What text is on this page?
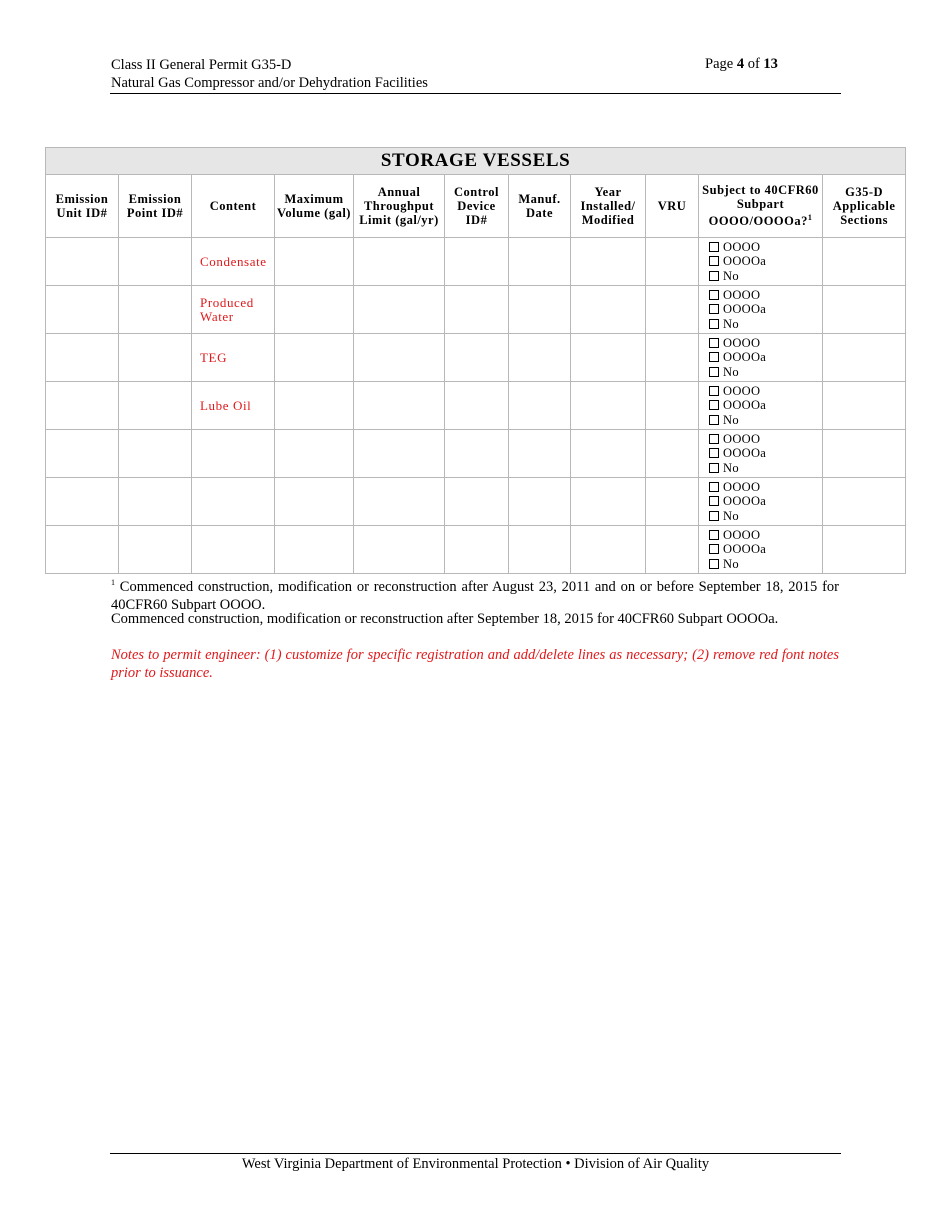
Class II General Permit G35-D
Natural Gas Compressor and/or Dehydration Facilities
Page 4 of 13
STORAGE VESSELS										
Emission Unit ID#	Emission Point ID#	Content	Maximum Volume (gal)	Annual Throughput Limit (gal/yr)	Control Device ID#	Manuf. Date	Year Installed/ Modified	VRU	Subject to 40CFR60 Subpart OOOO/OOOOa?$^1$	G35-D Applicable Sections
		Condensate							OOOO
OOOOa
No	

		Produced Water							OOOO
OOOOa
No	

		TEG							OOOO
OOOOa
No	

		Lube Oil							OOOO
OOOOa
No	

									OOOO
OOOOa
No	

									OOOO
OOOOa
No	

									OOOO
OOOOa
No	

$^1$ Commenced construction, modification or reconstruction after August 23, 2011 and on or before September 18, 2015 for 40CFR60 Subpart OOOO.
Commenced construction, modification or reconstruction after September 18, 2015 for 40CFR60 Subpart OOOOa.
Notes to permit engineer: (1) customize for specific registration and add/delete lines as necessary; (2) remove red font notes prior to issuance.
West Virginia Department of Environmental Protection • Division of Air Quality
